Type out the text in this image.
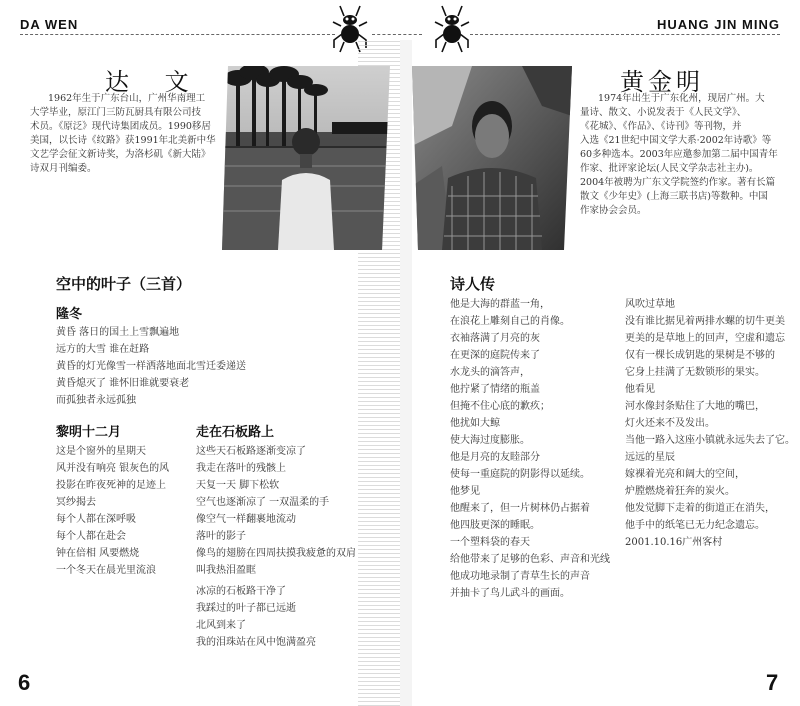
DA WEN	HUANG JIN MING
达 文
1962年生于广东台山，广州华南理工
大学毕业，原江门三防瓦厨具有限公司技
术员。《原泛》现代诗集团成员。1990移居
美国，以长诗《纹路》获1991年北美新中华
文艺学会征文新诗奖，为洛杉矶《新大陆》
诗双月刊编委。
黄金明
1974年出生于广东化州，现居广州。大
量诗、散文、小说发表于《人民文学》、
《花城》、《作品》、《诗刊》等刊物，并
入选《21世纪中国文学大系·2002年诗歌》等
60多种选本。2003年应邀参加第二届中国青年
作家、批评家论坛(人民文学杂志社主办)。
2004年被聘为广东文学院签约作家。著有长篇
散文《少年史》(上海三联书店)等数种。中国
作家协会会员。
空中的叶子（三首）
隆冬
黄昏 落日的国土上雪飘遍地
远方的大雪 谁在赶路
黄昏的灯光像雪一样洒落地面北雪迁委递送
黄昏熄灭了 谁怀旧谁就要衰老
而孤独者永远孤独
黎明十二月
这是个窗外的星期天
风并没有响亮 银灰色的风
投影在昨夜死神的足迹上
冥纱揭去
每个人都在深呼吸
每个人都在赴会
钟在倍相 风要燃烧
一个冬天在晨光里流浪
走在石板路上
这些天石板路逐渐变凉了
我走在落叶的残骸上
天复一天 脚下松软
空气也逐渐凉了 一双温柔的手
像空气一样翻裹地流动
落叶的影子
像鸟的翅膀在四周扶摸我疲惫的双肩
叫我热泪盈眶
冰凉的石板路干净了
我踩过的叶子都已远逝
北风到来了
我的泪珠站在风中饱满盈亮
诗人传
他是大海的群蓝一角，
在浪花上雕刻自己的肖像。
衣袖落满了月亮的灰
在更深的庭院传来了
水龙头的滴答声，
他拧紧了情绪的瓶盖
但掩不住心底的歉疚；
他扰如大鲸
使大海过度膨胀。
他是月亮的友睦部分
使每一重庭院的阴影得以延续。
他梦见
他醒来了，但一片树林仍占据着
他四肢更深的睡眠。
一个塑料袋的春天
给他带来了足够的色彩、声音和光线
他成功地录制了青草生长的声音
并抽卡了鸟儿武斗的画面。
风吹过草地
没有谁比据见着两排水螺的切牛更美
更美的是草地上的回声，空虚和遗忘
仅有一棵长成钥匙的果树是不够的
它身上挂满了无数锁形的果实。
他看见
河水像封条贴住了大地的嘴巴，
灯火还来不及发出。
当他一路入这座小镇就永远失去了它。
远远的星辰
嫁裸着光亮和阔大的空间，
炉膛燃烧着狂奔的炭火。
他发觉脚下走着的街道正在消失，
他手中的纸笔已无力纪念遗忘。
2001.10.16广州客村
6	7
